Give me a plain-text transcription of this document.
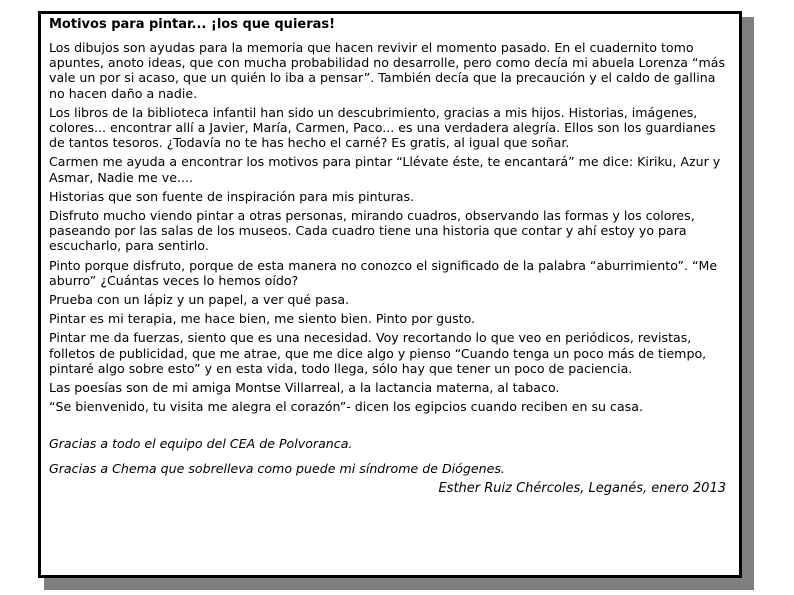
Motivos para pintar... ¡los que quieras!

Los dibujos son ayudas para la memoria que hacen revivir el momento pasado. En el cuadernito tomo apuntes, anoto ideas, que con mucha probabilidad no desarrolle, pero como decía mi abuela Lorenza “más vale un por si acaso, que un quién lo iba a pensar”. También decía que la precaución y el caldo de gallina no hacen daño a nadie.

Los libros de la biblioteca infantil han sido un descubrimiento, gracias a mis hijos. Historias, imágenes, colores... encontrar allí a Javier, María, Carmen, Paco... es una verdadera alegría. Ellos son los guardianes de tantos tesoros. ¿Todavía no te has hecho el carné? Es gratis, al igual que soñar.

Carmen me ayuda a encontrar los motivos para pintar “Llévate éste, te encantará” me dice: Kiriku, Azur y Asmar, Nadie me ve....

Historias que son fuente de inspiración para mis pinturas.

Disfruto mucho viendo pintar a otras personas, mirando cuadros, observando las formas y los colores, paseando por las salas de los museos. Cada cuadro tiene una historia que contar y ahí estoy yo para escucharlo, para sentirlo.

Pinto porque disfruto, porque de esta manera no conozco el significado de la palabra “aburrimiento”. “Me aburro” ¿Cuántas veces lo hemos oído?

Prueba con un lápiz y un papel, a ver qué pasa.

Pintar es mi terapia, me hace bien, me siento bien. Pinto por gusto.

Pintar me da fuerzas, siento que es una necesidad. Voy recortando lo que veo en periódicos, revistas, folletos de publicidad, que me atrae, que me dice algo y pienso “Cuando tenga un poco más de tiempo, pintaré algo sobre esto” y en esta vida, todo llega, sólo hay que tener un poco de paciencia.

Las poesías son de mi amiga Montse Villarreal, a la lactancia materna, al tabaco.

“Se bienvenido, tu visita me alegra el corazón”- dicen los egipcios cuando reciben en su casa.

Gracias a todo el equipo del CEA de Polvoranca.

Gracias a Chema que sobrelleva como puede mi síndrome de Diógenes.

Esther Ruiz Chércoles, Leganés, enero 2013
